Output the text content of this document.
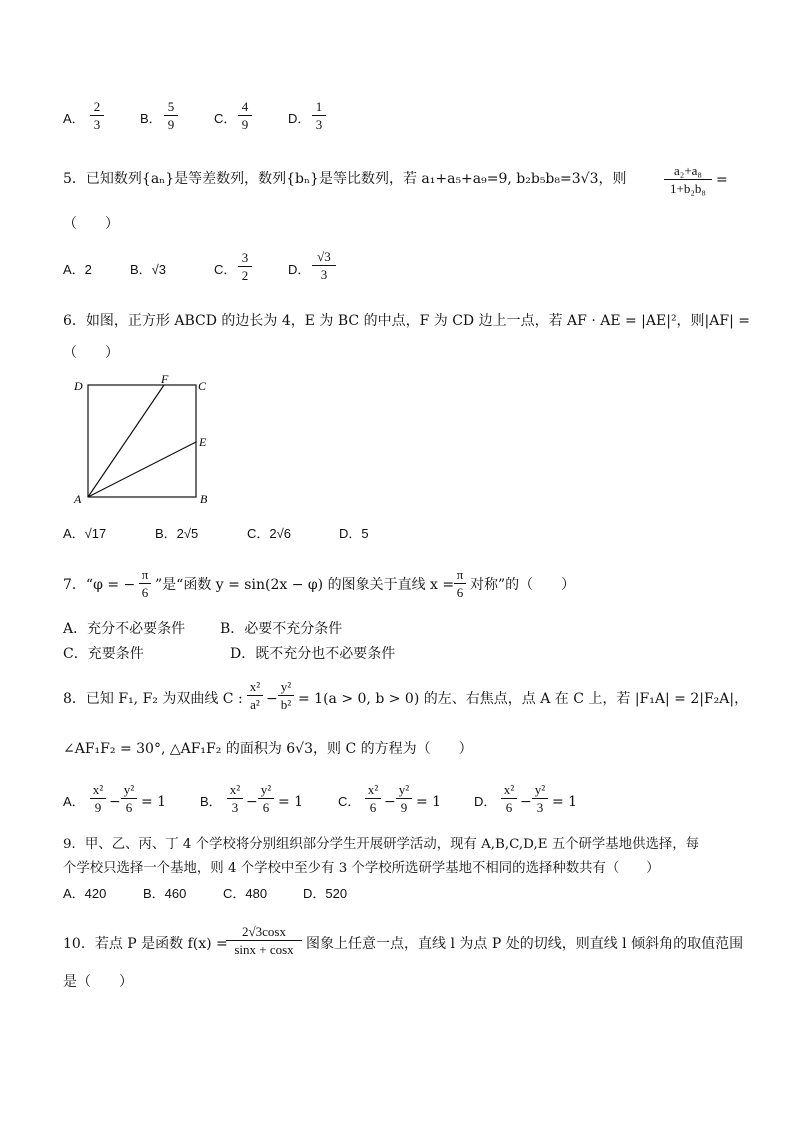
A．
2
3	B．
5
9	C．
4
9	D．
1
3
5．已知数列{aₙ}是等差数列，数列{bₙ}是等比数列，若 a₁+a₅+a₉=9, b₂b₅b₈=3√3，则
a₂+a₈
1+b₂b₈
=
（　　）
A．2	B．√3	C．
3
2	D．
√3
3
6．如图，正方形 ABCD 的边长为 4，E 为 BC 的中点，F 为 CD 边上一点，若 AF · AE = |AE|²，则|AF| =
（　　）
A	B
C
D
E
F
A．√17	B．2√5	C．2√6	D．5
7．“φ = −
π
6 ”是“函数 y = sin(2x − φ) 的图象关于直线 x =
π
6 对称”的（　　）
A．充分不必要条件 B．必要不充分条件
C．充要条件	D．既不充分也不必要条件
8．已知 F₁, F₂ 为双曲线 C :
x²
a² −
y²
b² = 1(a > 0, b > 0) 的左、右焦点，点 A 在 C 上，若 |F₁A| = 2|F₂A|，
∠AF₁F₂ = 30°, △AF₁F₂ 的面积为 6√3，则 C 的方程为（　　）
A．
x²
9 −
y²
6 = 1	B．
x²
3 −
y²
6 = 1	C．
x²
6 −
y²
9 = 1	D．
x²
6 −
y²
3 = 1
9．甲、乙、丙、丁 4 个学校将分别组织部分学生开展研学活动，现有 A,B,C,D,E 五个研学基地供选择，每
个学校只选择一个基地，则 4 个学校中至少有 3 个学校所选研学基地不相同的选择种数共有（　　）
A．420	B．460	C．480	D．520
10．若点 P 是函数 f(x) =
2√3cosx
sinx + cosx 图象上任意一点，直线 l 为点 P 处的切线，则直线 l 倾斜角的取值范围
是（　　）
